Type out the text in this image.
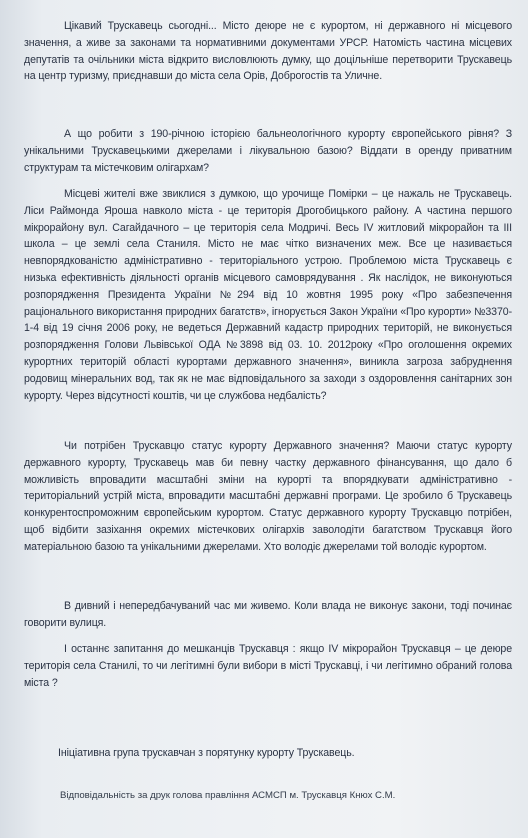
Цікавий Трускавець сьогодні... Місто деюре не є курортом, ні державного ні місцевого значення, а живе за законами та нормативними документами УРСР. Натомість частина місцевих депутатів та очільники міста відкрито висловлюють думку, що доцільніше перетворити Трускавець на центр туризму, приєднавши до міста села Орів, Доброгостів та Уличне.

А що робити з 190-річною історією бальнеологічного курорту європейського рівня? З унікальними Трускавецькими джерелами і лікувальною базою? Віддати в оренду приватним структурам та містечковим олігархам?

Місцеві жителі вже звиклися з думкою, що урочище Помірки – це нажаль не Трускавець. Ліси Раймонда Яроша навколо міста - це територія Дрогобицького району. А частина першого мікрорайону вул. Сагайдачного – це територія села Модричі. Весь IV житловий мікрорайон та III школа – це землі села Станиля. Місто не має чітко визначених меж. Все це називається невпорядкованістю адміністративно - територіального устрою. Проблемою міста Трускавець є низька ефективність діяльності органів місцевого самоврядування . Як наслідок, не виконуються розпорядження Президента України №294 від 10 жовтня 1995 року «Про забезпечення раціонального використання природних багатств», ігнорується Закон України «Про курорти» №3370-1-4 від 19 січня 2006 року, не ведеться Державний кадастр природних територій, не виконується розпорядження Голови Львівської ОДА №3898 від 03. 10. 2012року «Про оголошення окремих курортних територій області курортами державного значення», виникла загроза забруднення родовищ мінеральних вод, так як не має відповідального за заходи з оздоровлення санітарних зон курорту. Через відсутності коштів, чи це службова недбалість?

Чи потрібен Трускавцю статус курорту Державного значення? Маючи статус курорту державного курорту, Трускавець мав би певну частку державного фінансування, що дало б можливість впровадити масштабні зміни на курорті та впорядкувати адміністративно - територіальний устрій міста, впровадити масштабні державні програми. Це зробило б Трускавець конкурентоспроможним європейським курортом. Статус державного курорту Трускавцю потрібен, щоб відбити зазіхання окремих містечкових олігархів заволодіти багатством Трускавця його матеріальною базою та унікальними джерелами. Хто володіє джерелами той володіє курортом.

В дивний і непередбачуваний час ми живемо. Коли влада не виконує закони, тоді починає говорити вулиця.

І останнє запитання до мешканців Трускавця : якщо IV мікрорайон Трускавця – це деюре територія села Станилі, то чи легітимні були вибори в місті Трускавці, і чи легітимно обраний голова міста ?

Ініціативна група трускавчан з порятунку курорту Трускавець.

Відповідальність за друк голова правління АСМСП м. Трускавця Кнюх С.М.
